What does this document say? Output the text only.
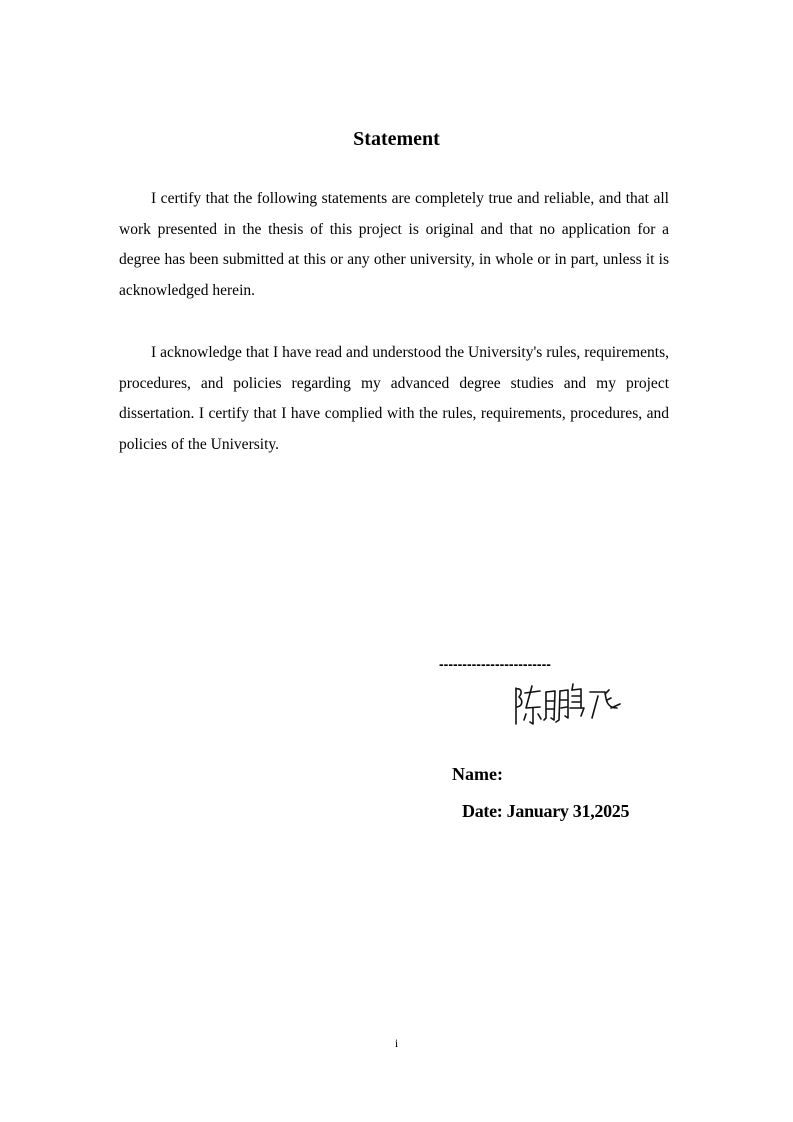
Statement

I certify that the following statements are completely true and reliable, and that all work presented in the thesis of this project is original and that no application for a degree has been submitted at this or any other university, in whole or in part, unless it is acknowledged herein.

I acknowledge that I have read and understood the University's rules, requirements, procedures, and policies regarding my advanced degree studies and my project dissertation. I certify that I have complied with the rules, requirements, procedures, and policies of the University.

------------------------
Name:
Date: January 31,2025
i
